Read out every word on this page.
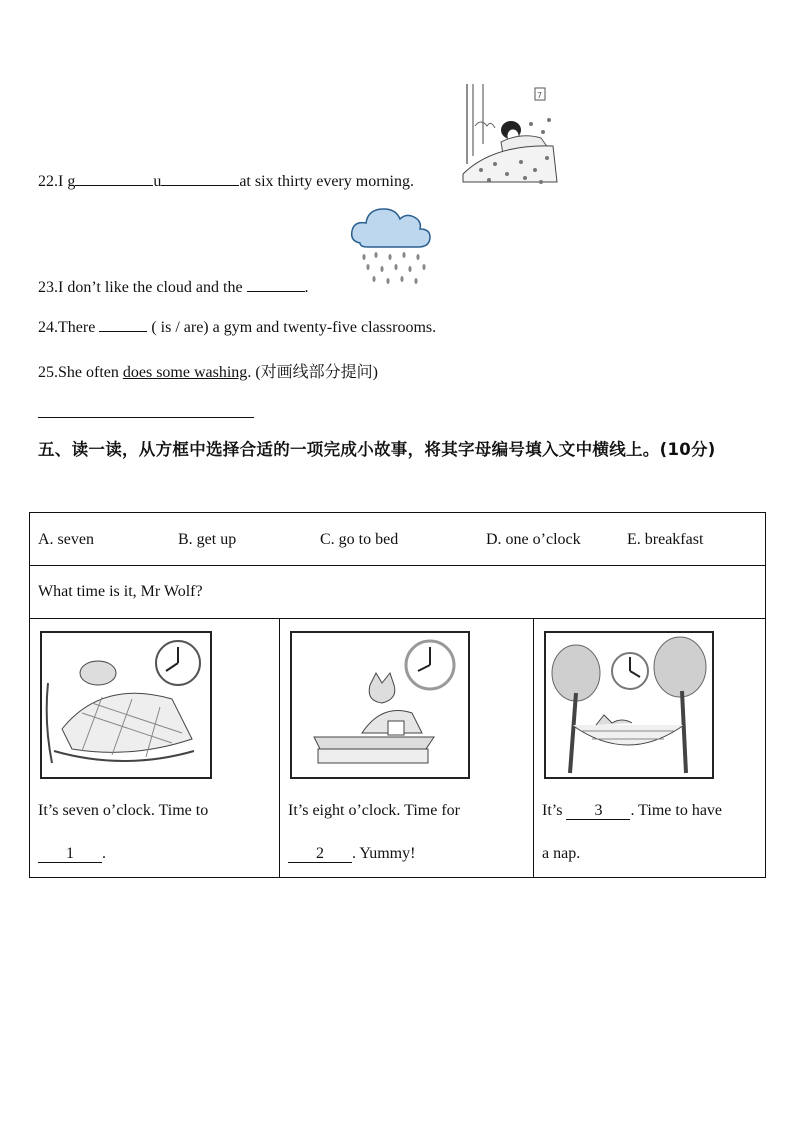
22.I g	u	at six thirty every morning.
7
23.I don’t like the cloud and the	.
24.There	( is / are) a gym and twenty-five classrooms.
25.She often does some washing. (对画线部分提问)
五、读一读，从方框中选择合适的一项完成小故事，将其字母编号填入文中横线上。(10分)
A. seven	B. get up	C. go to bed	D. one o’clock	E. breakfast

What time is it, Mr Wolf?

It’s seven o’clock. Time to
1 .

It’s eight o’clock. Time for
2 . Yummy!

It’s 3 . Time to have
a nap.
